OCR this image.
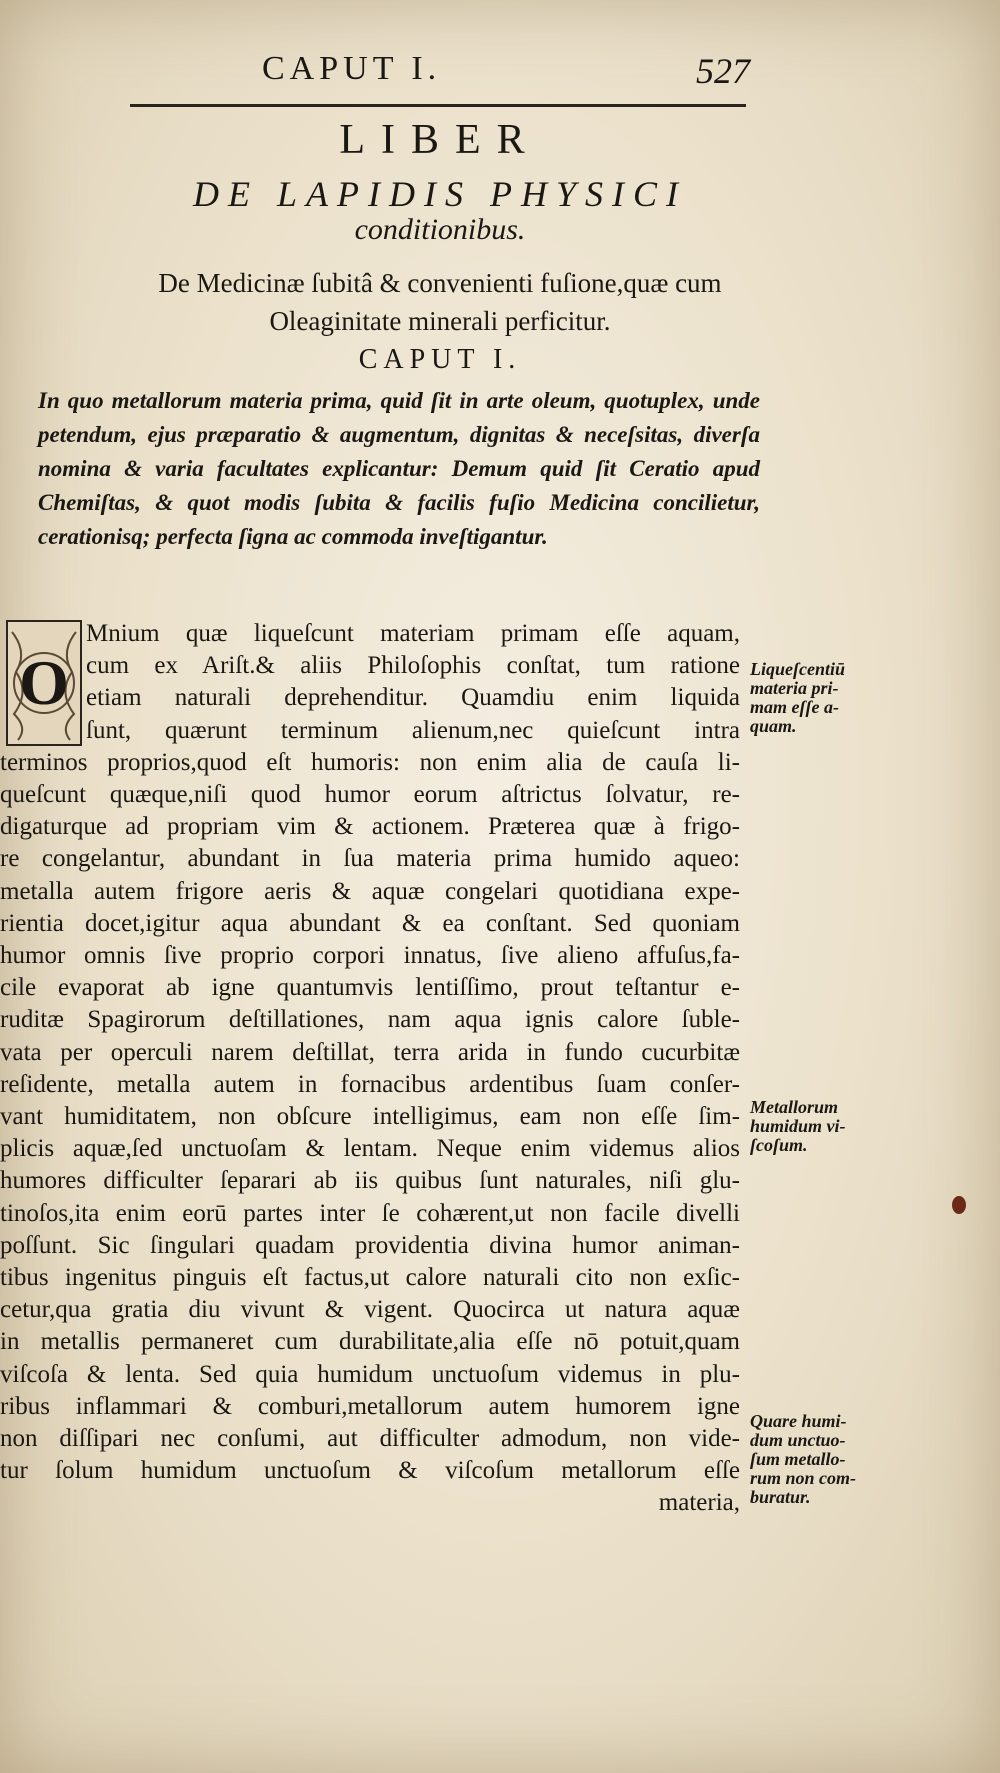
CAPUT I.	527
LIBER
DE LAPIDIS PHYSICI
conditionibus.
De Medicinæ ſubitâ & convenienti fuſione,quæ cum
Oleaginitate minerali perficitur.
CAPUT I.
In quo metallorum materia prima, quid ſit in arte oleum, quotuplex, unde petendum, ejus præparatio & augmentum, dignitas & neceſsitas, diverſa nomina & varia facultates explicantur: Demum quid ſit Ceratio apud Chemiſtas, & quot modis ſubita & facilis fuſio Medicina concilietur, cerationisq; perfecta ſigna ac commoda inveſtigantur.
O
Mnium quæ liqueſcunt materiam primam eſſe aquam,
cum ex Ariſt.& aliis Philoſophis conſtat, tum ratione
etiam naturali deprehenditur. Quamdiu enim liquida
ſunt, quærunt terminum alienum,nec quieſcunt intra
terminos proprios,quod eſt humoris: non enim alia de cauſa li-
queſcunt quæque,niſi quod humor eorum aſtrictus ſolvatur, re-
digaturque ad propriam vim & actionem. Præterea quæ à frigo-
re congelantur, abundant in ſua materia prima humido aqueo:
metalla autem frigore aeris & aquæ congelari quotidiana expe-
rientia docet,igitur aqua abundant & ea conſtant. Sed quoniam
humor omnis ſive proprio corpori innatus, ſive alieno affuſus,fa-
cile evaporat ab igne quantumvis lentiſſimo, prout teſtantur e-
ruditæ Spagirorum deſtillationes, nam aqua ignis calore ſuble-
vata per operculi narem deſtillat, terra arida in fundo cucurbitæ
reſidente, metalla autem in fornacibus ardentibus ſuam conſer-
vant humiditatem, non obſcure intelligimus, eam non eſſe ſim-
plicis aquæ,ſed unctuoſam & lentam. Neque enim videmus alios
humores difficulter ſeparari ab iis quibus ſunt naturales, niſi glu-
tinoſos,ita enim eorū partes inter ſe cohærent,ut non facile divelli
poſſunt. Sic ſingulari quadam providentia divina humor animan-
tibus ingenitus pinguis eſt factus,ut calore naturali cito non exſic-
cetur,qua gratia diu vivunt & vigent. Quocirca ut natura aquæ
in metallis permaneret cum durabilitate,alia eſſe nō potuit,quam
viſcoſa & lenta. Sed quia humidum unctuoſum videmus in plu-
ribus inflammari & comburi,metallorum autem humorem igne
non diſſipari nec conſumi, aut difficulter admodum, non vide-
tur ſolum humidum unctuoſum & viſcoſum metallorum eſſe
materia,
Liqueſcentiū
materia pri-
mam eſſe a-
quam.
Metallorum
humidum vi-
ſcoſum.
Quare humi-
dum unctuo-
ſum metallo-
rum non com-
buratur.
